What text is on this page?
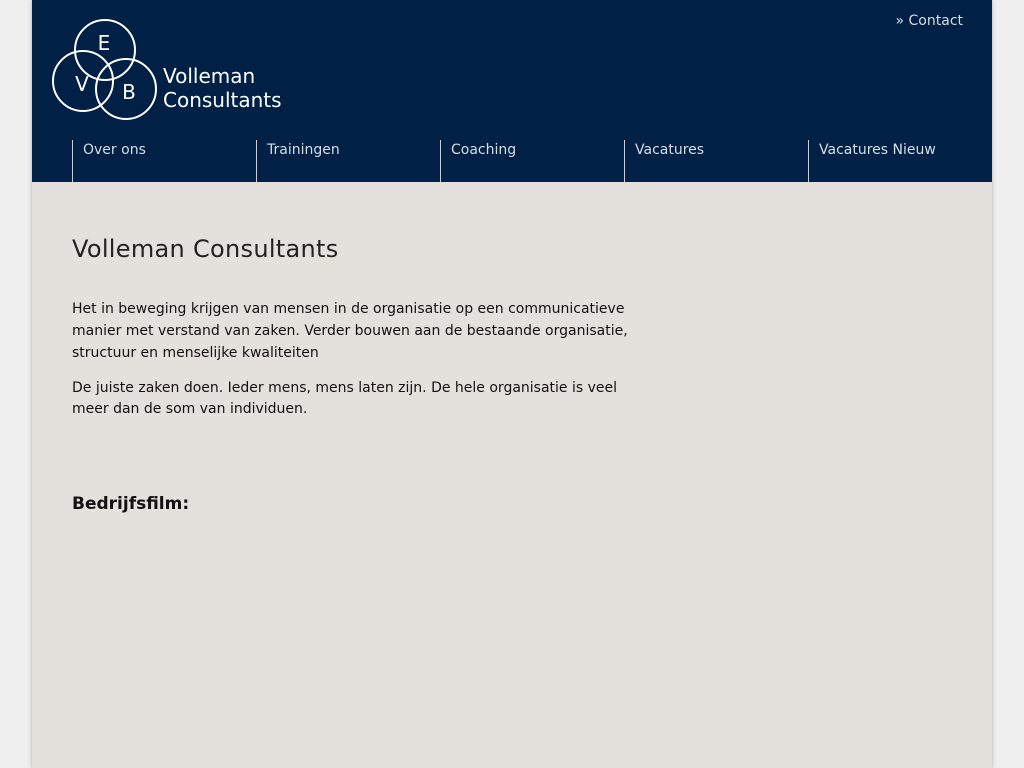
E
V B
Volleman
Consultants
» Contact
Over ons	Trainingen	Coaching	Vacatures	Vacatures Nieuw
Volleman Consultants

Het in beweging krijgen van mensen in de organisatie op een communicatieve manier met verstand van zaken. Verder bouwen aan de bestaande organisatie, structuur en menselijke kwaliteiten

De juiste zaken doen. Ieder mens, mens laten zijn. De hele organisatie is veel meer dan de som van individuen.

Bedrijfsfilm:
